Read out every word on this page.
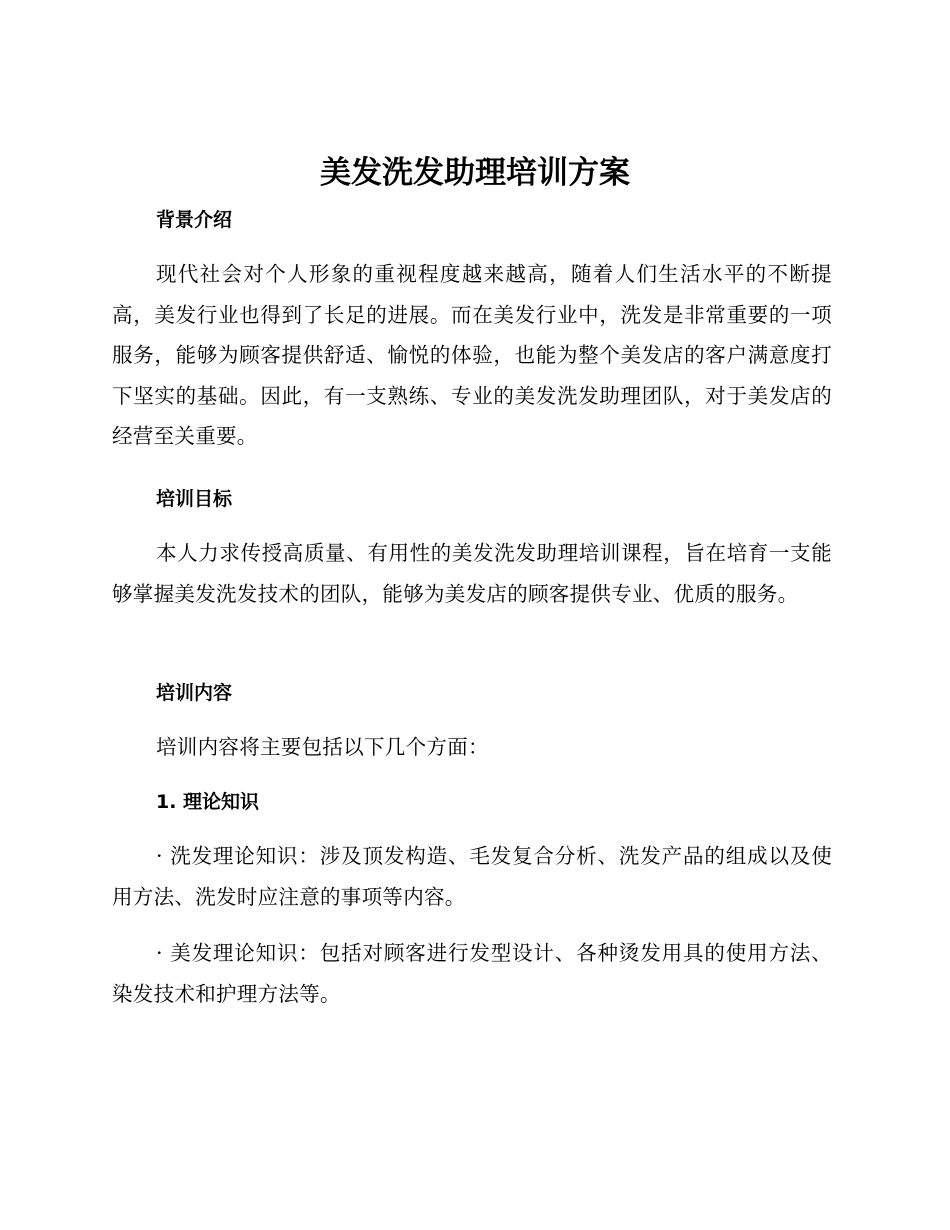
美发洗发助理培训方案
背景介绍

现代社会对个人形象的重视程度越来越高，随着人们生活水平的不断提高，美发行业也得到了长足的进展。而在美发行业中，洗发是非常重要的一项服务，能够为顾客提供舒适、愉悦的体验，也能为整个美发店的客户满意度打下坚实的基础。因此，有一支熟练、专业的美发洗发助理团队，对于美发店的经营至关重要。

培训目标

本人力求传授高质量、有用性的美发洗发助理培训课程，旨在培育一支能够掌握美发洗发技术的团队，能够为美发店的顾客提供专业、优质的服务。

培训内容

培训内容将主要包括以下几个方面：

1. 理论知识

· 洗发理论知识：涉及顶发构造、毛发复合分析、洗发产品的组成以及使用方法、洗发时应注意的事项等内容。

· 美发理论知识：包括对顾客进行发型设计、各种烫发用具的使用方法、染发技术和护理方法等。
